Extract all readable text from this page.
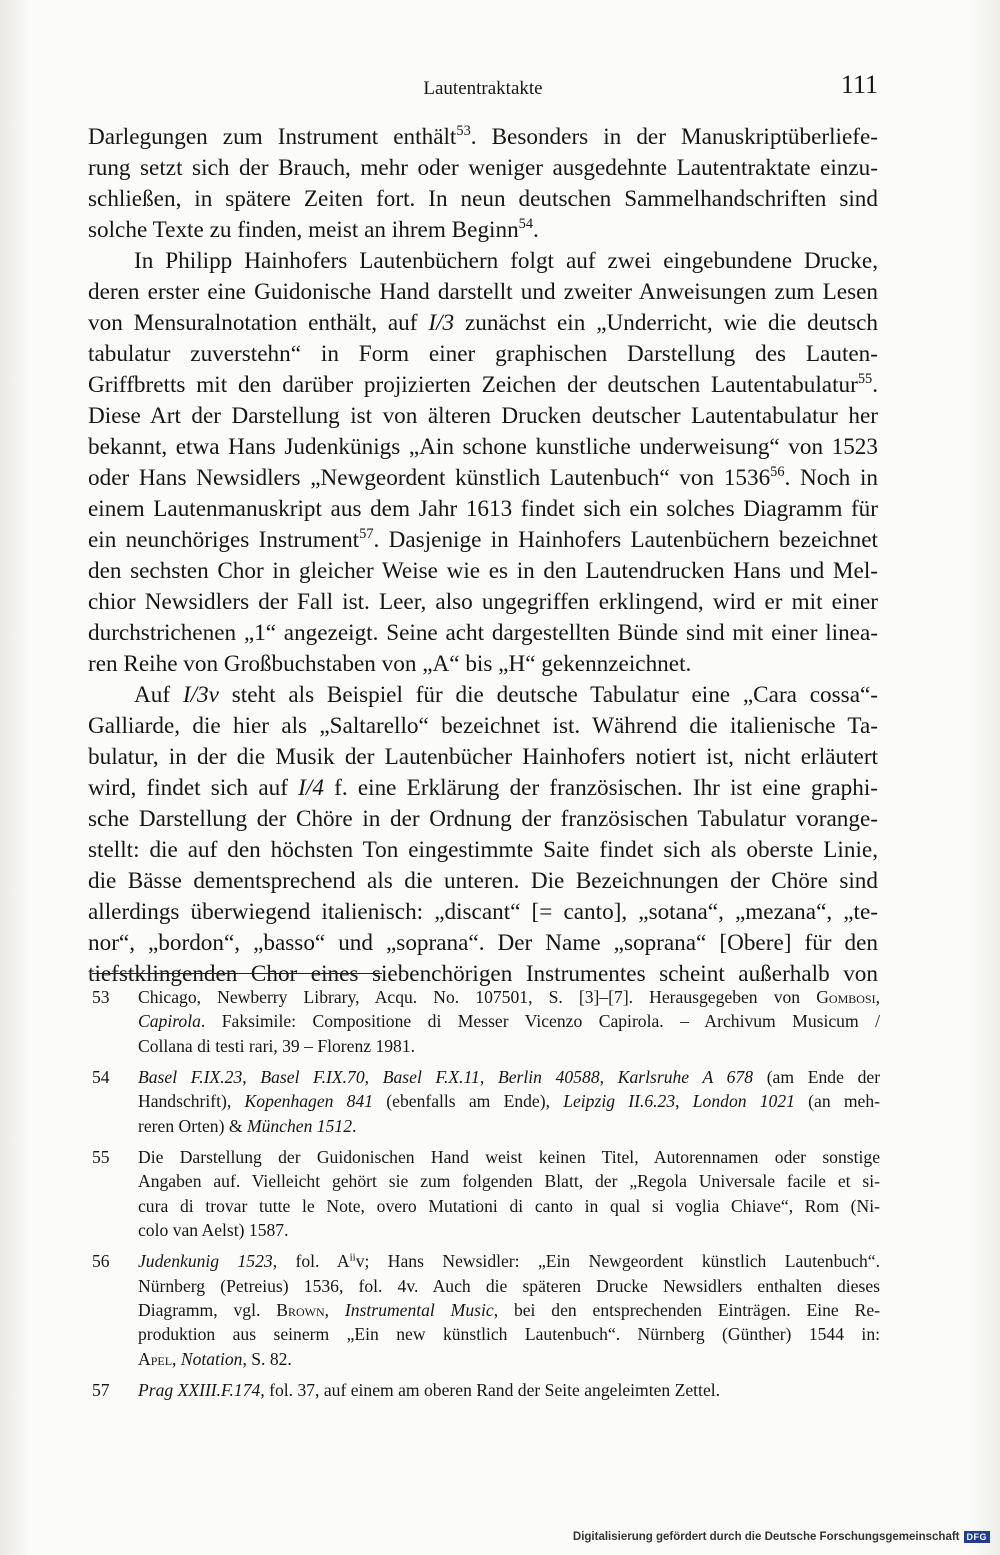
Lautentraktakte	111
Darlegungen zum Instrument enthält$^{53}$. Besonders in der Manuskriptüberliefe-
rung setzt sich der Brauch, mehr oder weniger ausgedehnte Lautentraktate einzu-
schließen, in spätere Zeiten fort. In neun deutschen Sammelhandschriften sind
solche Texte zu finden, meist an ihrem Beginn$^{54}$.
In Philipp Hainhofers Lautenbüchern folgt auf zwei eingebundene Drucke,
deren erster eine Guidonische Hand darstellt und zweiter Anweisungen zum Lesen
von Mensuralnotation enthält, auf I/3 zunächst ein „Underricht, wie die deutsch
tabulatur zuverstehn“ in Form einer graphischen Darstellung des Lauten-
Griffbretts mit den darüber projizierten Zeichen der deutschen Lautentabulatur$^{55}$.
Diese Art der Darstellung ist von älteren Drucken deutscher Lautentabulatur her
bekannt, etwa Hans Judenkünigs „Ain schone kunstliche underweisung“ von 1523
oder Hans Newsidlers „Newgeordent künstlich Lautenbuch“ von 1536$^{56}$. Noch in
einem Lautenmanuskript aus dem Jahr 1613 findet sich ein solches Diagramm für
ein neunchöriges Instrument$^{57}$. Dasjenige in Hainhofers Lautenbüchern bezeichnet
den sechsten Chor in gleicher Weise wie es in den Lautendrucken Hans und Mel-
chior Newsidlers der Fall ist. Leer, also ungegriffen erklingend, wird er mit einer
durchstrichenen „1“ angezeigt. Seine acht dargestellten Bünde sind mit einer linea-
ren Reihe von Großbuchstaben von „A“ bis „H“ gekennzeichnet.
Auf I/3v steht als Beispiel für die deutsche Tabulatur eine „Cara cossa“-
Galliarde, die hier als „Saltarello“ bezeichnet ist. Während die italienische Ta-
bulatur, in der die Musik der Lautenbücher Hainhofers notiert ist, nicht erläutert
wird, findet sich auf I/4 f. eine Erklärung der französischen. Ihr ist eine graphi-
sche Darstellung der Chöre in der Ordnung der französischen Tabulatur vorange-
stellt: die auf den höchsten Ton eingestimmte Saite findet sich als oberste Linie,
die Bässe dementsprechend als die unteren. Die Bezeichnungen der Chöre sind
allerdings überwiegend italienisch: „discant“ [= canto], „sotana“, „mezana“, „te-
nor“, „bordon“, „basso“ und „soprana“. Der Name „soprana“ [Obere] für den
tiefstklingenden Chor eines siebenchörigen Instrumentes scheint außerhalb von
53 Chicago, Newberry Library, Acqu. No. 107501, S. [3]–[7]. Herausgegeben von Gombosi,
Capirola. Faksimile: Compositione di Messer Vicenzo Capirola. – Archivum Musicum /
Collana di testi rari, 39 – Florenz 1981.
54 Basel F.IX.23, Basel F.IX.70, Basel F.X.11, Berlin 40588, Karlsruhe A 678 (am Ende der
Handschrift), Kopenhagen 841 (ebenfalls am Ende), Leipzig II.6.23, London 1021 (an meh-
reren Orten) & München 1512.
55 Die Darstellung der Guidonischen Hand weist keinen Titel, Autorennamen oder sonstige
Angaben auf. Vielleicht gehört sie zum folgenden Blatt, der „Regola Universale facile et si-
cura di trovar tutte le Note, overo Mutationi di canto in qual si voglia Chiave“, Rom (Ni-
colo van Aelst) 1587.
56 Judenkunig 1523, fol. $A^{ii}v$; Hans Newsidler: „Ein Newgeordent künstlich Lautenbuch“.
Nürnberg (Petreius) 1536, fol. 4v. Auch die späteren Drucke Newsidlers enthalten dieses
Diagramm, vgl. Brown, Instrumental Music, bei den entsprechenden Einträgen. Eine Re-
produktion aus seinerm „Ein new künstlich Lautenbuch“. Nürnberg (Günther) 1544 in:
Apel, Notation, S. 82.
57 Prag XXIII.F.174, fol. 37, auf einem am oberen Rand der Seite angeleimten Zettel.
Digitalisierung gefördert durch die Deutsche Forschungsgemeinschaft DFG
